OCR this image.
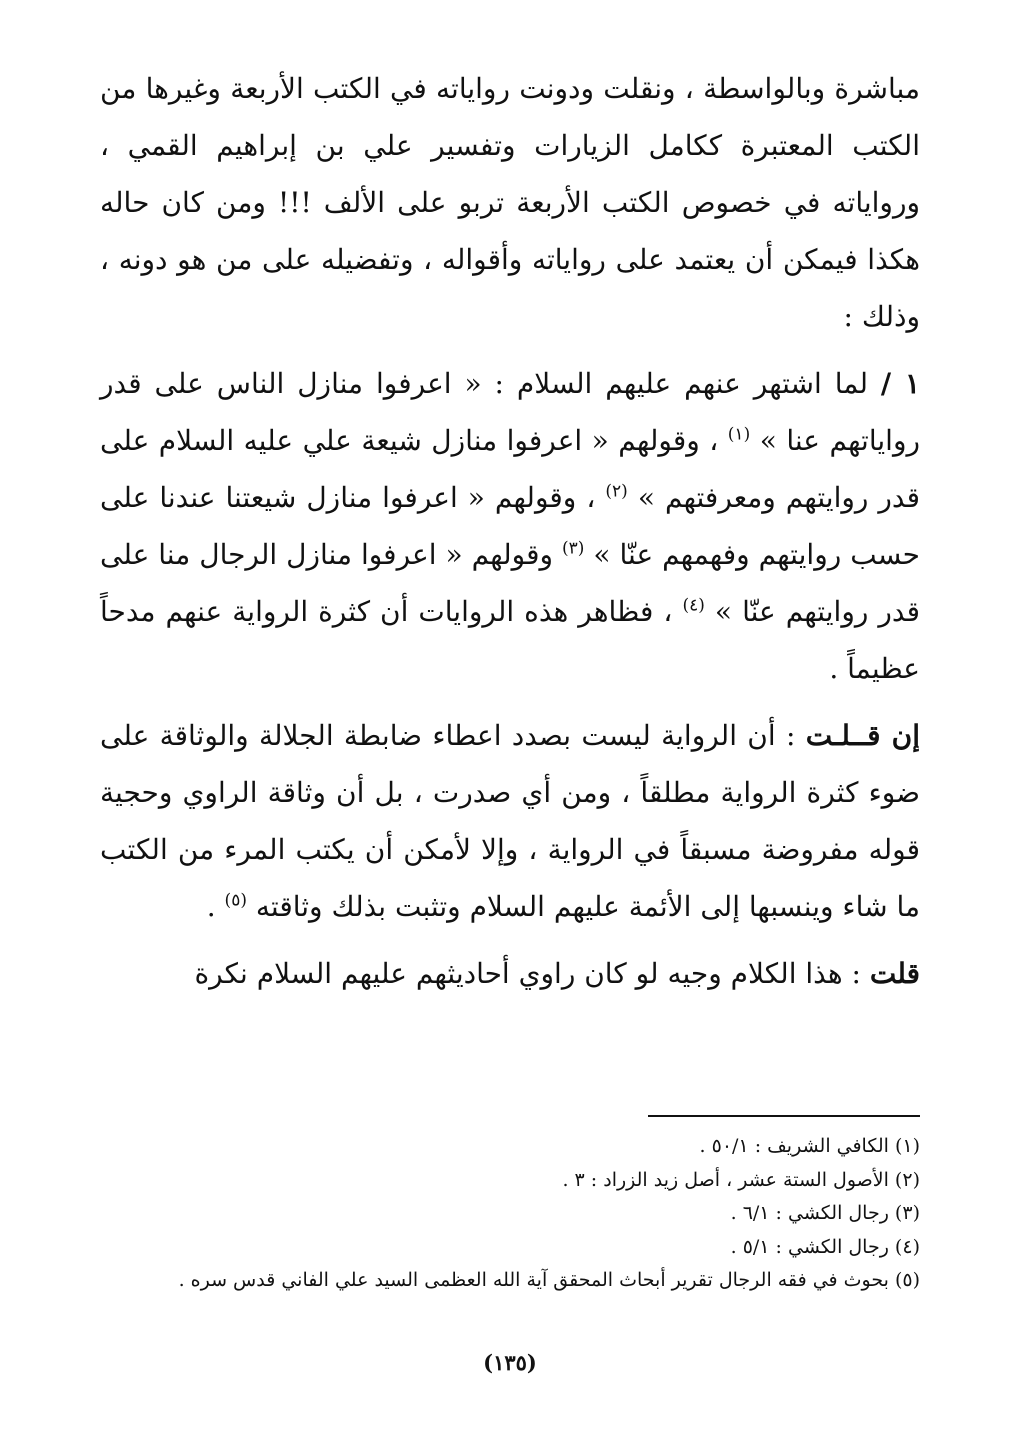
مباشرة وبالواسطة ، ونقلت ودونت رواياته في الكتب الأربعة وغيرها من الكتب المعتبرة ككامل الزيارات وتفسير علي بن إبراهيم القمي ، ورواياته في خصوص الكتب الأربعة تربو على الألف !!! ومن كان حاله هكذا فيمكن أن يعتمد على رواياته وأقواله ، وتفضيله على من هو دونه ، وذلك :

١ / لما اشتهر عنهم عليهم السلام : « اعرفوا منازل الناس على قدر رواياتهم عنا » $^{(١)}$ ، وقولهم « اعرفوا منازل شيعة علي عليه السلام على قدر روايتهم ومعرفتهم » $^{(٢)}$ ، وقولهم « اعرفوا منازل شيعتنا عندنا على حسب روايتهم وفهمهم عنّا » $^{(٣)}$ وقولهم « اعرفوا منازل الرجال منا على قدر روايتهم عنّا » $^{(٤)}$ ، فظاهر هذه الروايات أن كثرة الرواية عنهم مدحاً عظيماً .

إن قــلـت : أن الرواية ليست بصدد اعطاء ضابطة الجلالة والوثاقة على ضوء كثرة الرواية مطلقاً ، ومن أي صدرت ، بل أن وثاقة الراوي وحجية قوله مفروضة مسبقاً في الرواية ، وإلا لأمكن أن يكتب المرء من الكتب ما شاء وينسبها إلى الأئمة عليهم السلام وتثبت بذلك وثاقته $^{(٥)}$ .

قلت : هذا الكلام وجيه لو كان راوي أحاديثهم عليهم السلام نكرة

(١) الكافي الشريف : ٥٠/١ .
(٢) الأصول الستة عشر ، أصل زيد الزراد : ٣ .
(٣) رجال الكشي : ٦/١ .
(٤) رجال الكشي : ٥/١ .
(٥) بحوث في فقه الرجال تقرير أبحاث المحقق آية الله العظمى السيد علي الفاني قدس سره .
(١٣٥)
